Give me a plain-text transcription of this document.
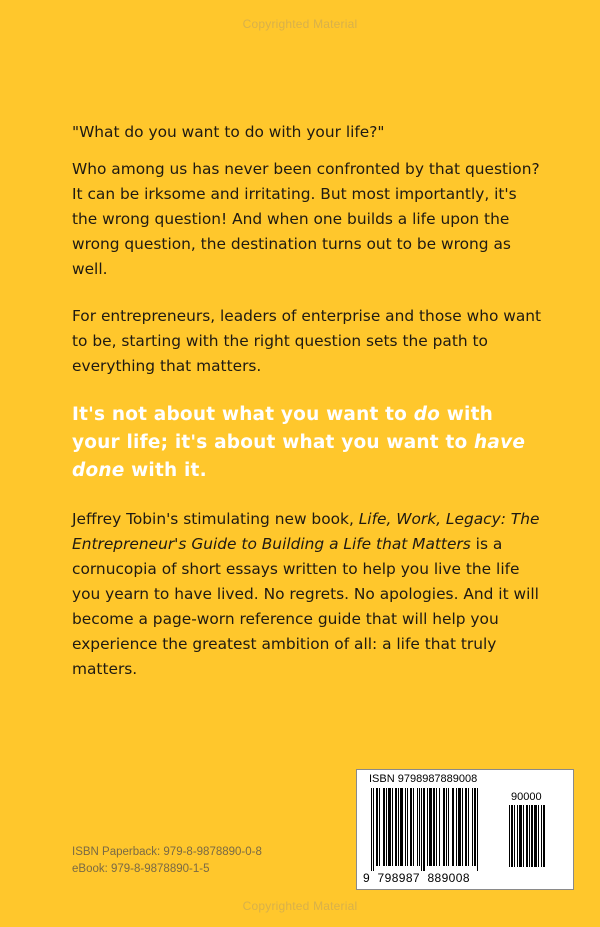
Copyrighted Material

"What do you want to do with your life?"

Who among us has never been confronted by that question? It can be irksome and irritating. But most importantly, it's the wrong question! And when one builds a life upon the wrong question, the destination turns out to be wrong as well.

For entrepreneurs, leaders of enterprise and those who want to be, starting with the right question sets the path to everything that matters.

It's not about what you want to do with your life; it's about what you want to have done with it.

Jeffrey Tobin's stimulating new book, Life, Work, Legacy: The Entrepreneur's Guide to Building a Life that Matters is a cornucopia of short essays written to help you live the life you yearn to have lived. No regrets. No apologies. And it will become a page-worn reference guide that will help you experience the greatest ambition of all: a life that truly matters.

ISBN Paperback: 979-8-9878890-0-8
eBook: 979-8-9878890-1-5
ISBN 9798987889008
90000
9  798987  889008
Copyrighted Material
